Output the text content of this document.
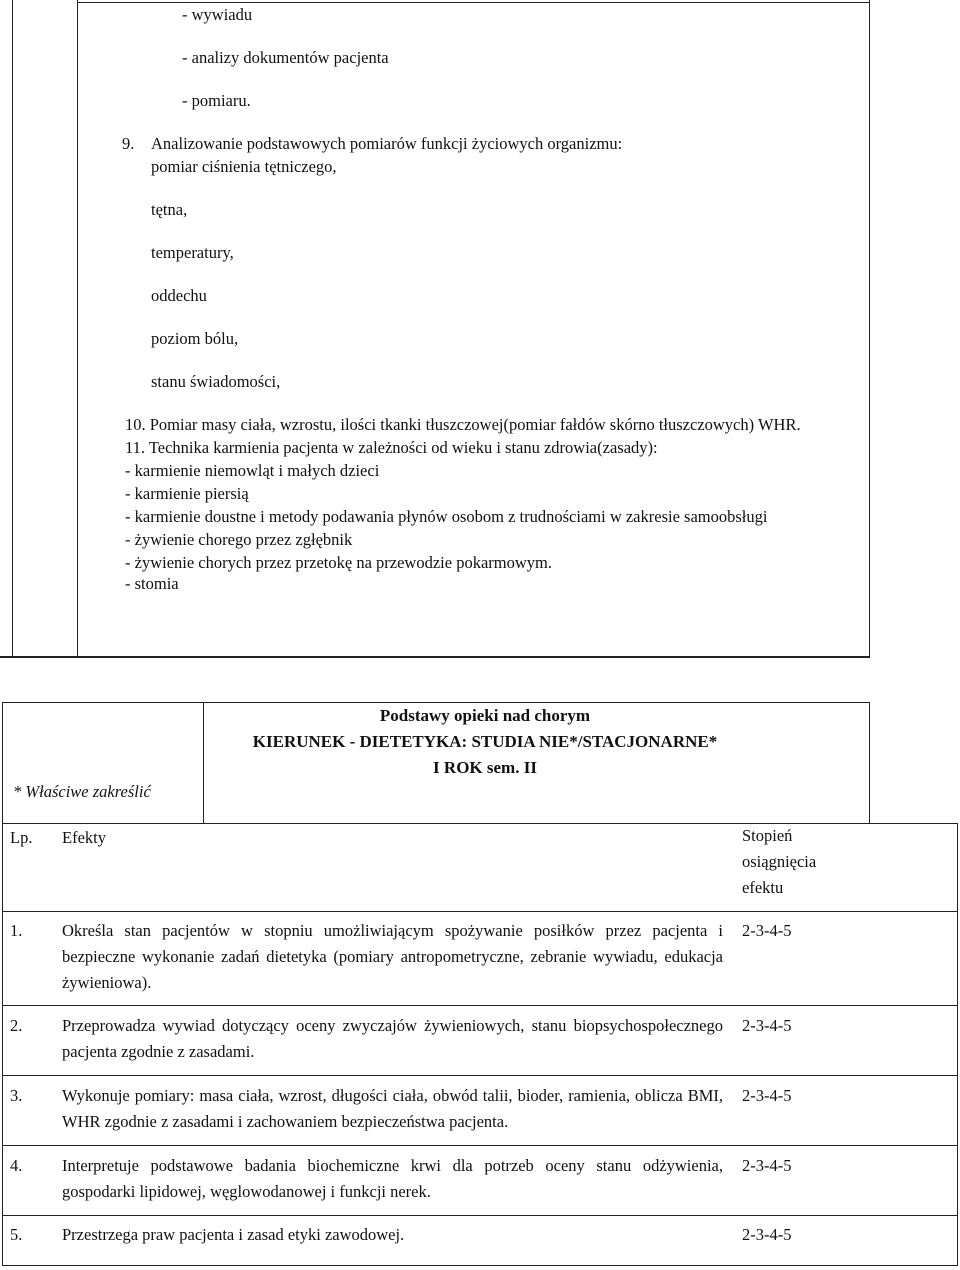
- wywiadu
- analizy dokumentów pacjenta
- pomiaru.
9. Analizowanie podstawowych pomiarów funkcji życiowych organizmu:
pomiar ciśnienia tętniczego,
tętna,
temperatury,
oddechu
poziom bólu,
stanu świadomości,
10. Pomiar masy ciała, wzrostu, ilości tkanki tłuszczowej(pomiar fałdów skórno tłuszczowych) WHR.
11. Technika karmienia pacjenta w zależności od wieku i stanu zdrowia(zasady):
- karmienie niemowląt i małych dzieci
- karmienie piersią
- karmienie doustne i metody podawania płynów osobom z trudnościami w zakresie samoobsługi
- żywienie chorego przez zgłębnik
- żywienie chorych przez przetokę na przewodzie pokarmowym.
- stomia
Podstawy opieki nad chorym
KIERUNEK - DIETETYKA: STUDIA NIE*/STACJONARNE*
I ROK sem. II
* Właściwe zakreślić
Lp. Efekty	Stopień
osiągnięcia
efektu
1. Określa stan pacjentów w stopniu umożliwiającym spożywanie posiłków przez pacjenta i bezpieczne wykonanie zadań dietetyka (pomiary antropometryczne, zebranie wywiadu, edukacja żywieniowa).
2-3-4-5
2. Przeprowadza wywiad dotyczący oceny zwyczajów żywieniowych, stanu biopsychospołecznego pacjenta zgodnie z zasadami.
2-3-4-5
3. Wykonuje pomiary: masa ciała, wzrost, długości ciała, obwód talii, bioder, ramienia, oblicza BMI, WHR zgodnie z zasadami i zachowaniem bezpieczeństwa pacjenta.
2-3-4-5
4. Interpretuje podstawowe badania biochemiczne krwi dla potrzeb oceny stanu odżywienia, gospodarki lipidowej, węglowodanowej i funkcji nerek.
2-3-4-5
5. Przestrzega praw pacjenta i zasad etyki zawodowej.	2-3-4-5
